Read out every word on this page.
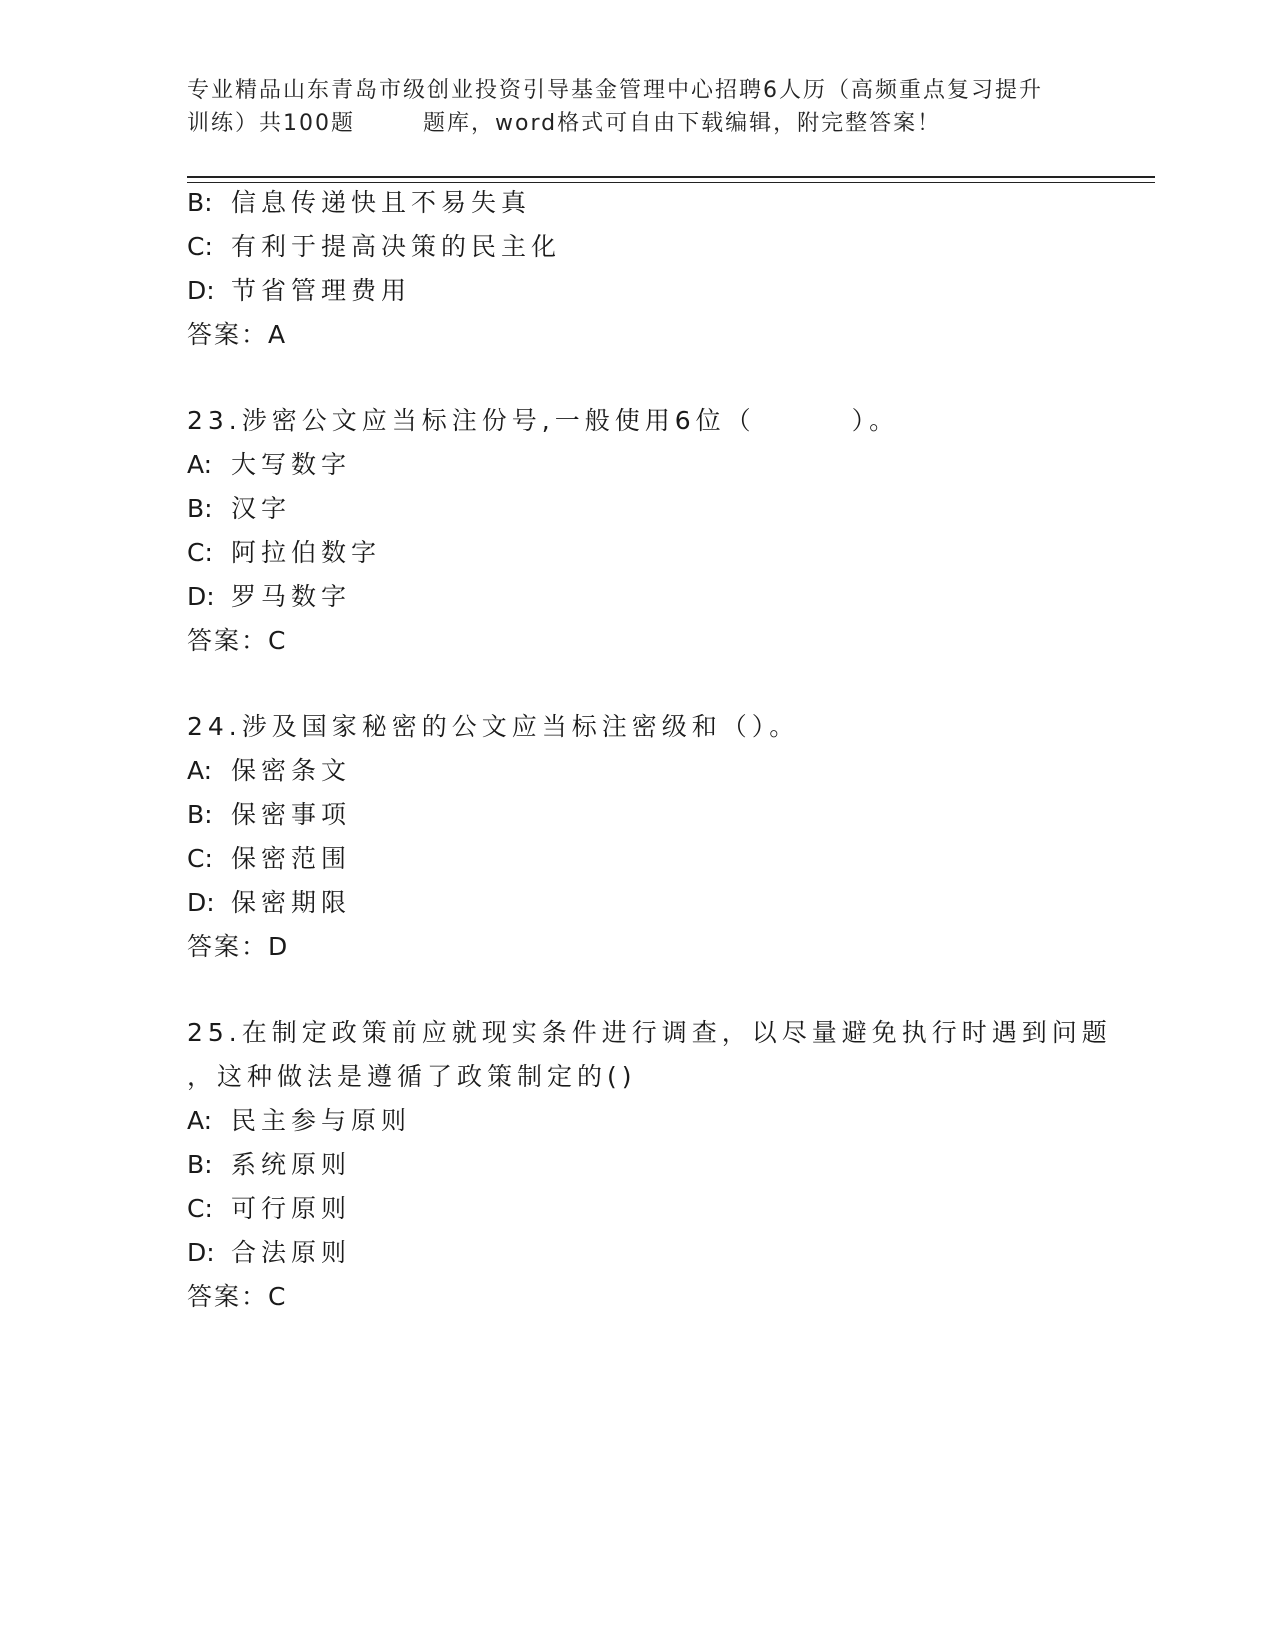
专业精品山东青岛市级创业投资引导基金管理中心招聘6人历（高频重点复习提升
训练）共100题	题库，word格式可自由下载编辑，附完整答案！
B: 信息传递快且不易失真
C: 有利于提高决策的民主化
D: 节省管理费用
答案：A
23.涉密公文应当标注份号,一般使用6位（	）。
A: 大写数字
B: 汉字
C: 阿拉伯数字
D: 罗马数字
答案：C
24.涉及国家秘密的公文应当标注密级和（）。
A: 保密条文
B: 保密事项
C: 保密范围
D: 保密期限
答案：D
25.在制定政策前应就现实条件进行调查，以尽量避免执行时遇到问题
，这种做法是遵循了政策制定的()
A: 民主参与原则
B: 系统原则
C: 可行原则
D: 合法原则
答案：C
